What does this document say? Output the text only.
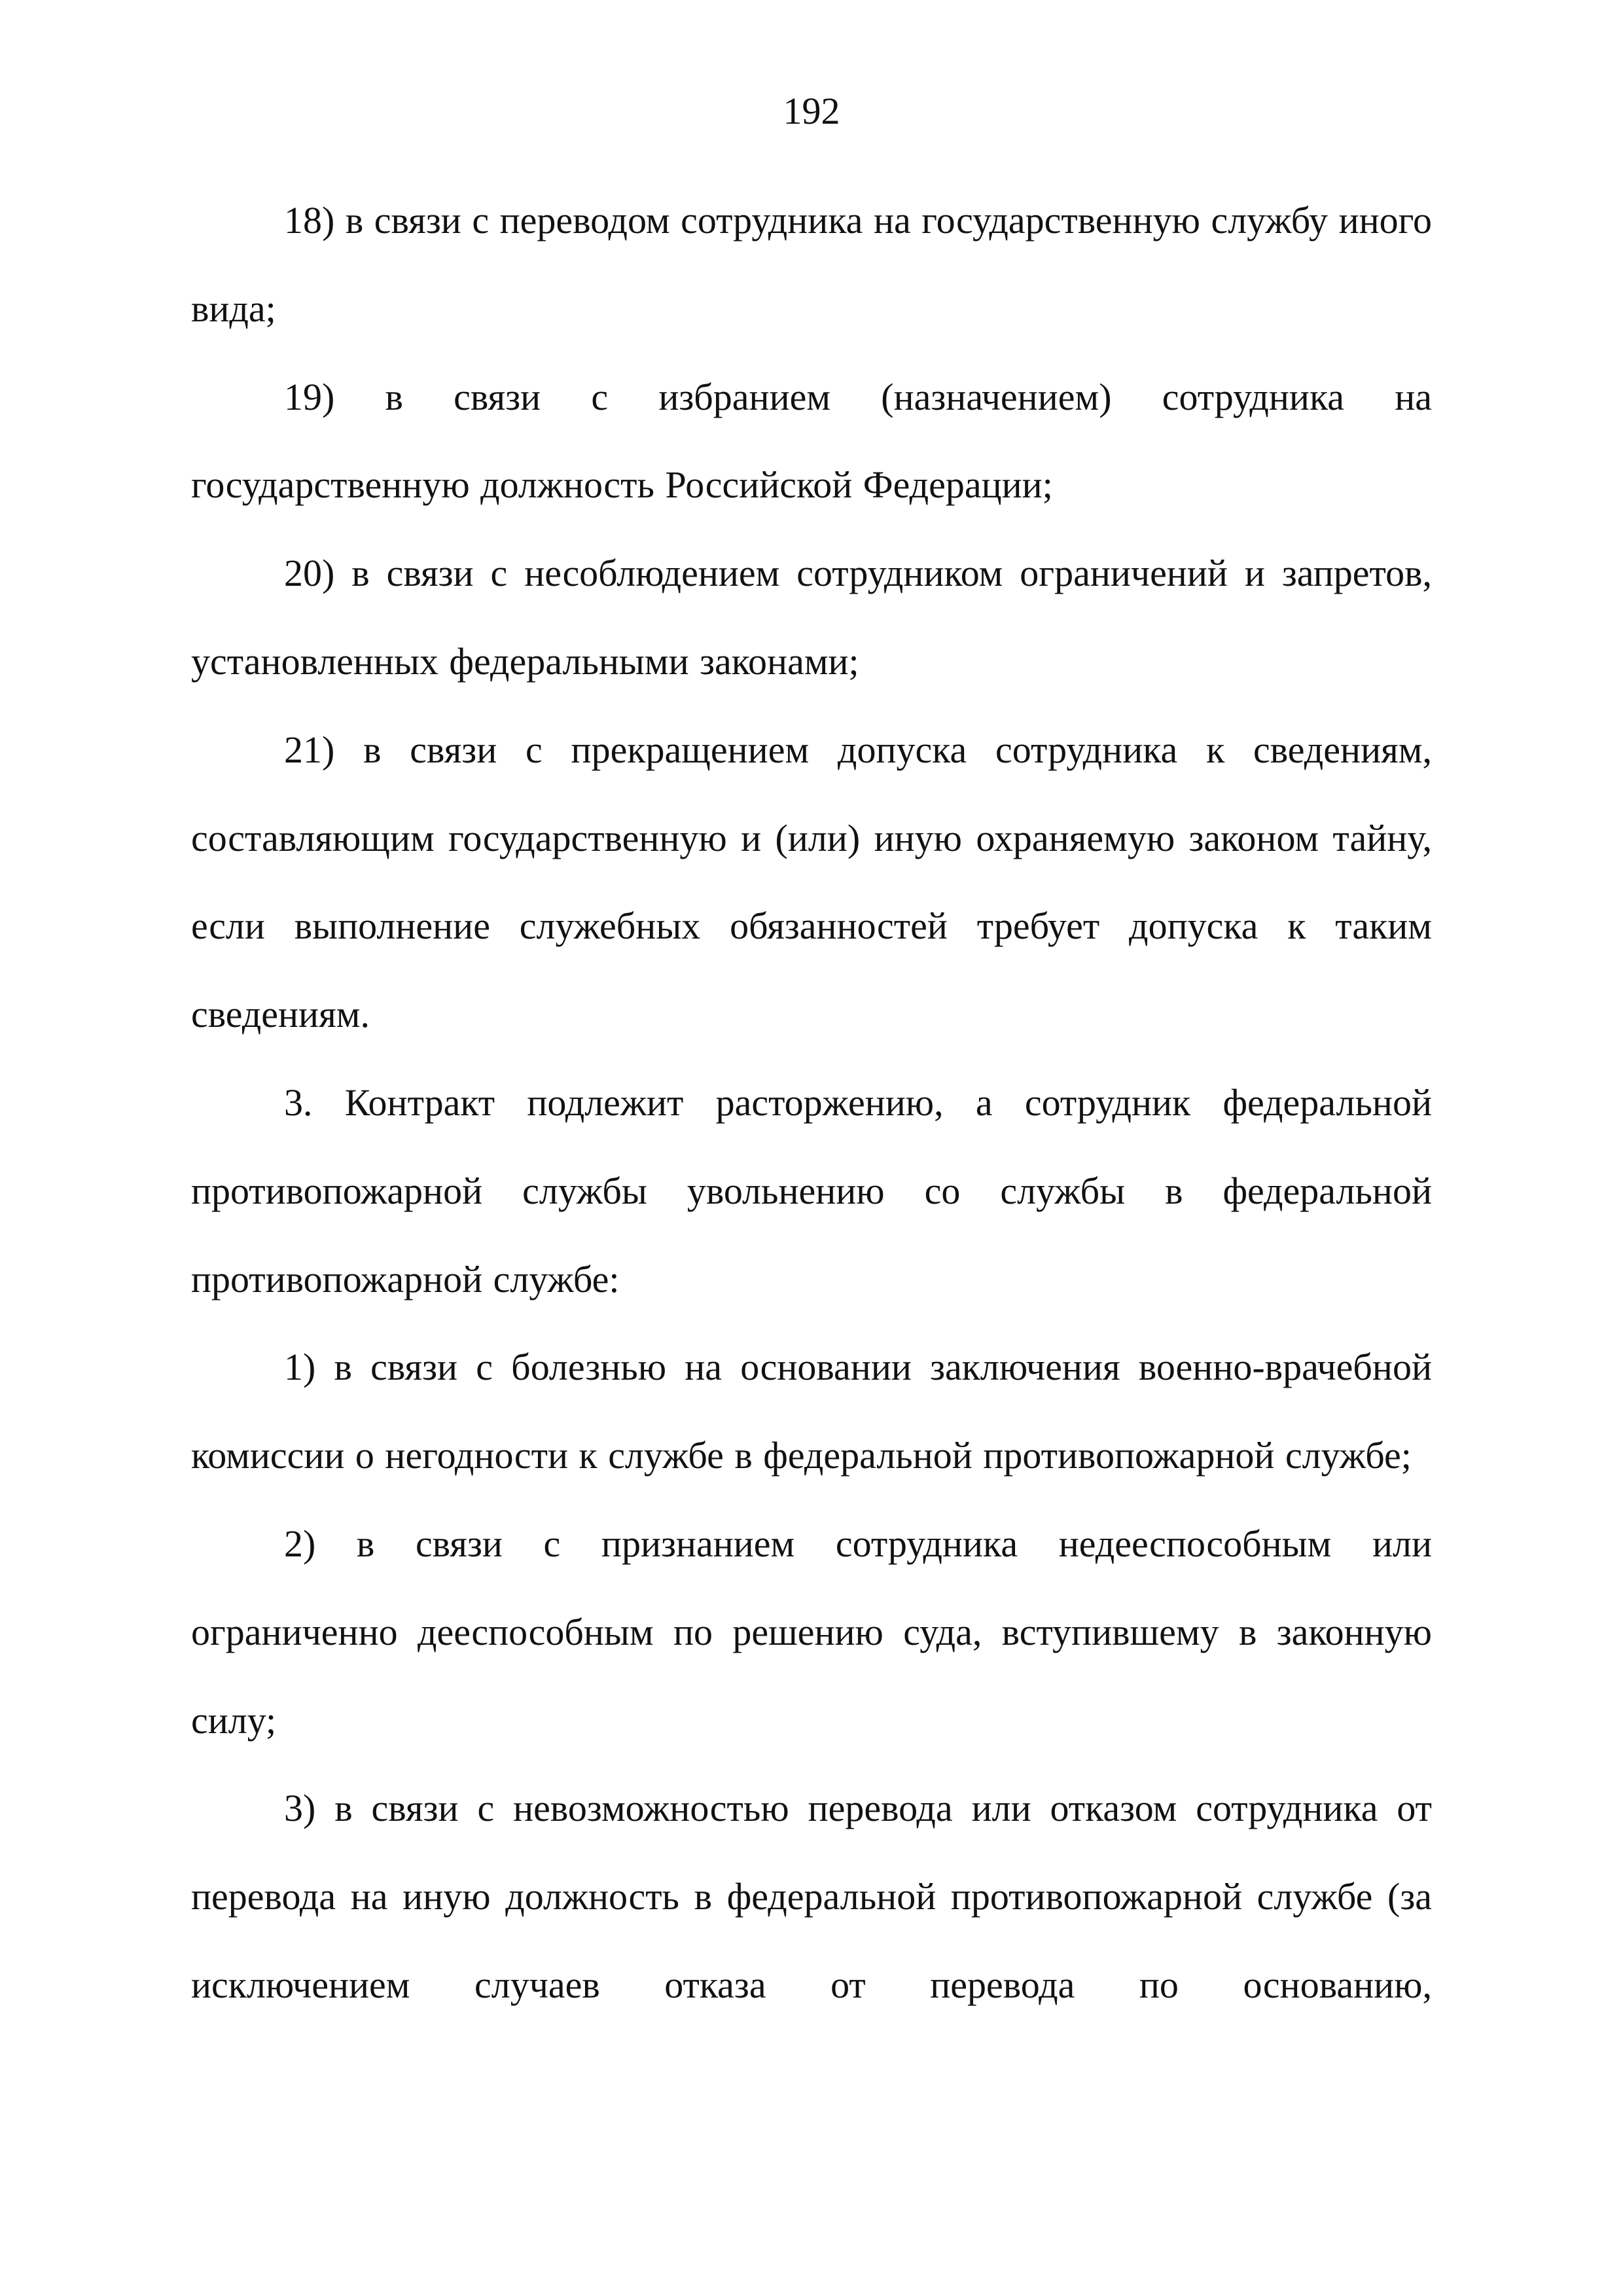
192

18) в связи с переводом сотрудника на государственную службу иного вида;

19) в связи с избранием (назначением) сотрудника на государственную должность Российской Федерации;

20) в связи с несоблюдением сотрудником ограничений и запретов, установленных федеральными законами;

21) в связи с прекращением допуска сотрудника к сведениям, составляющим государственную и (или) иную охраняемую законом тайну, если выполнение служебных обязанностей требует допуска к таким сведениям.

3. Контракт подлежит расторжению, а сотрудник федеральной противопожарной службы увольнению со службы в федеральной противопожарной службе:

1) в связи с болезнью на основании заключения военно-врачебной комиссии о негодности к службе в федеральной противопожарной службе;

2) в связи с признанием сотрудника недееспособным или ограниченно дееспособным по решению суда, вступившему в законную силу;

3) в связи с невозможностью перевода или отказом сотрудника от перевода на иную должность в федеральной противопожарной службе (за исключением случаев отказа от перевода по основанию,
